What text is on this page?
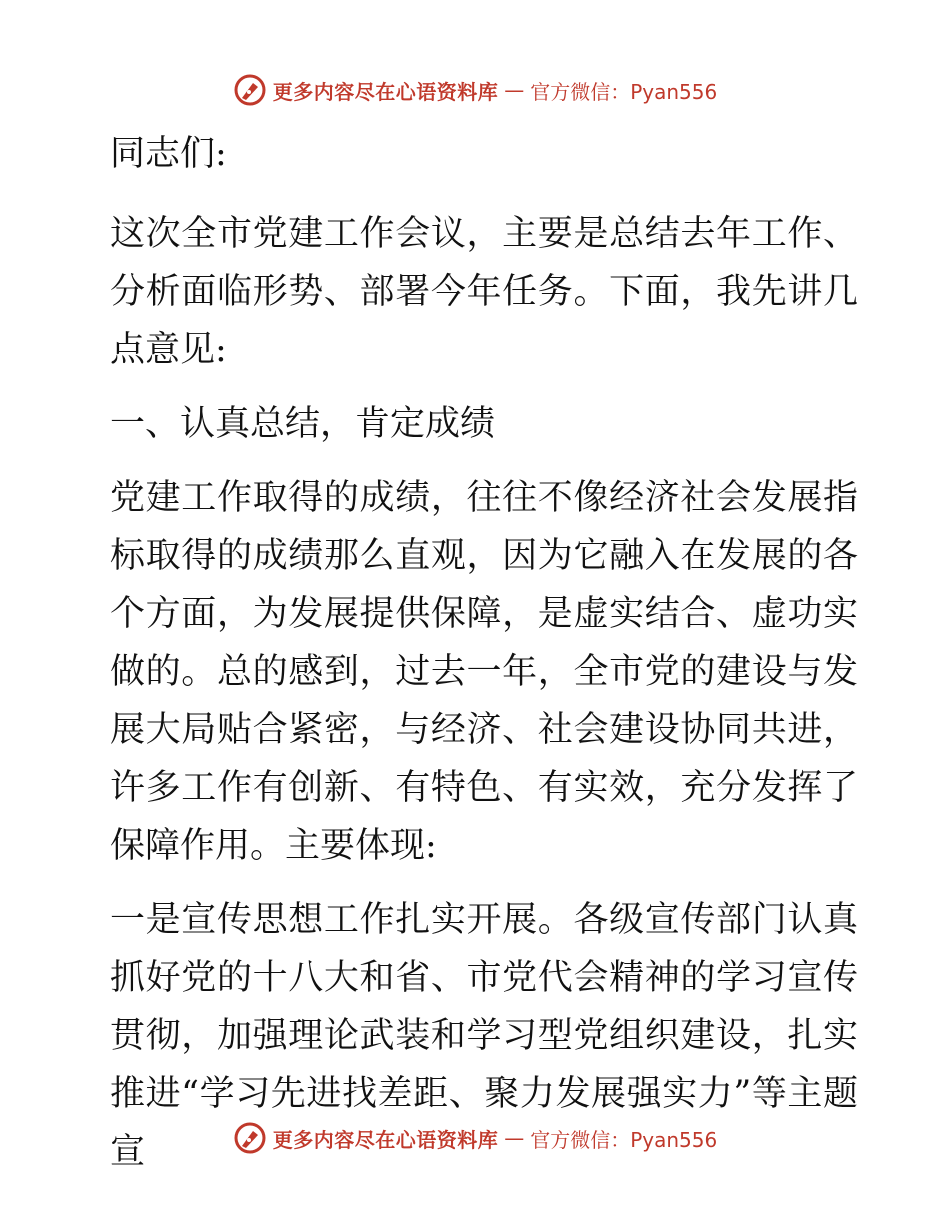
更多内容尽在心语资料库 — 官方微信：Pyan556

同志们:

这次全市党建工作会议，主要是总结去年工作、分析面临形势、部署今年任务。下面，我先讲几点意见:

一、认真总结，肯定成绩

党建工作取得的成绩，往往不像经济社会发展指标取得的成绩那么直观，因为它融入在发展的各个方面，为发展提供保障，是虚实结合、虚功实做的。总的感到，过去一年，全市党的建设与发展大局贴合紧密，与经济、社会建设协同共进，许多工作有创新、有特色、有实效，充分发挥了保障作用。主要体现:

一是宣传思想工作扎实开展。各级宣传部门认真抓好党的十八大和省、市党代会精神的学习宣传贯彻，加强理论武装和学习型党组织建设，扎实推进“学习先进找差距、聚力发展强实力”等主题宣	更多内容尽在心语资料库 — 官方微信：Pyan556
